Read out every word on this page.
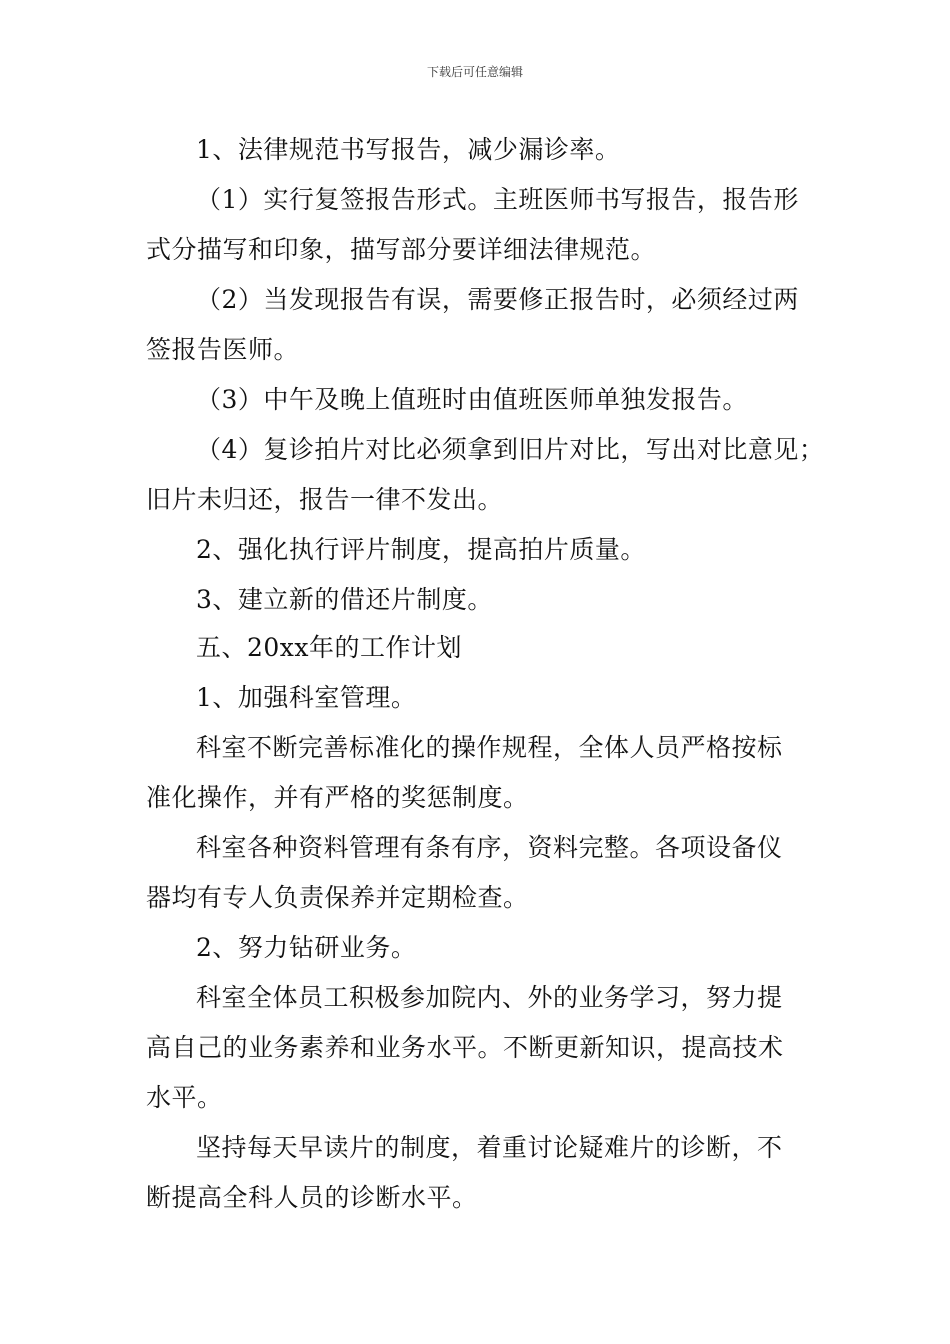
下载后可任意编辑
1、法律规范书写报告，减少漏诊率。
（1）实行复签报告形式。主班医师书写报告，报告形
式分描写和印象，描写部分要详细法律规范。
（2）当发现报告有误，需要修正报告时，必须经过两
签报告医师。
（3）中午及晚上值班时由值班医师单独发报告。
（4）复诊拍片对比必须拿到旧片对比，写出对比意见；
旧片未归还，报告一律不发出。
2、强化执行评片制度，提高拍片质量。
3、建立新的借还片制度。
五、20xx年的工作计划
1、加强科室管理。
科室不断完善标准化的操作规程，全体人员严格按标
准化操作，并有严格的奖惩制度。
科室各种资料管理有条有序，资料完整。各项设备仪
器均有专人负责保养并定期检查。
2、努力钻研业务。
科室全体员工积极参加院内、外的业务学习，努力提
高自己的业务素养和业务水平。不断更新知识，提高技术
水平。
坚持每天早读片的制度，着重讨论疑难片的诊断，不
断提高全科人员的诊断水平。
